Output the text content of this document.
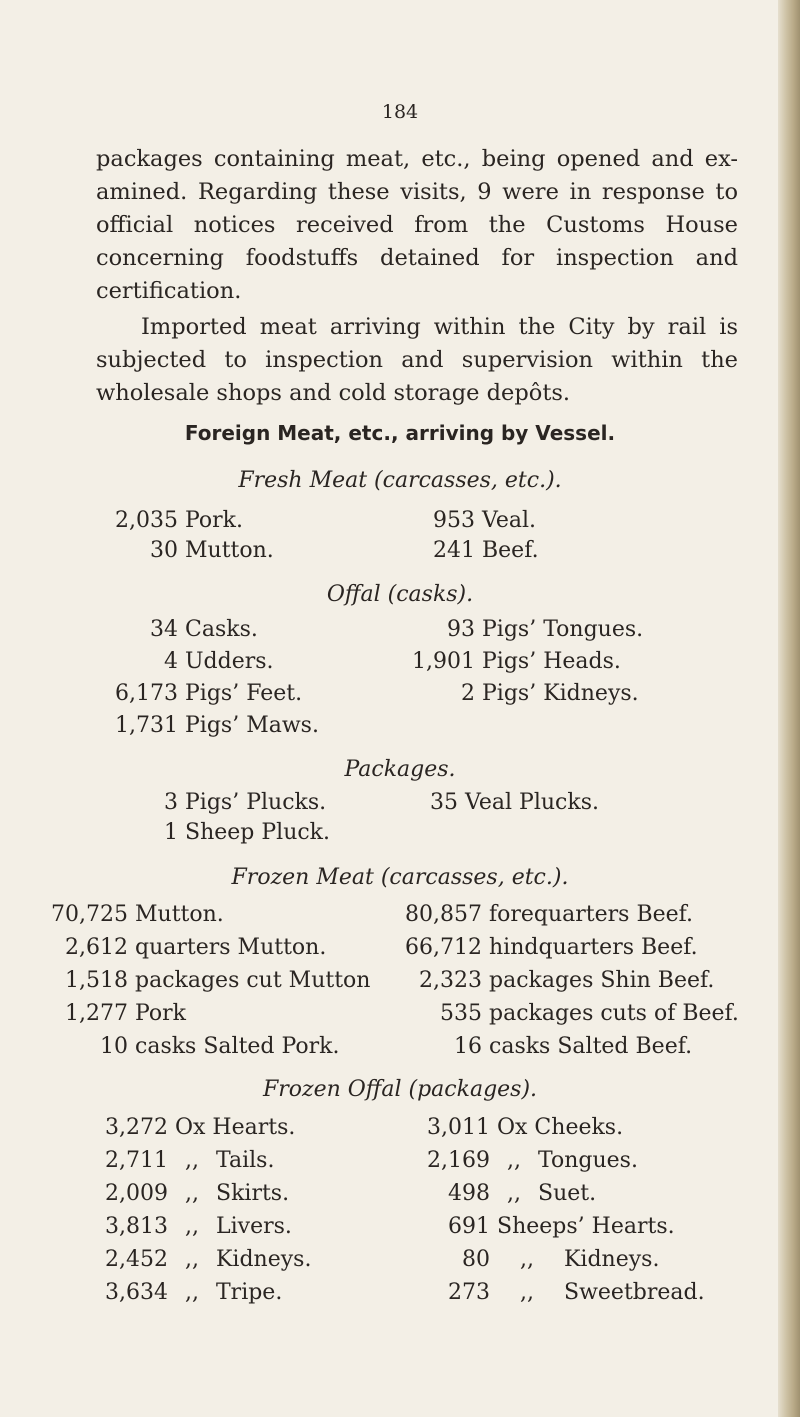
184

packages containing meat, etc., being opened and ex-amined. Regarding these visits, 9 were in response to official notices received from the Customs House concerning foodstuffs detained for inspection and certification.

Imported meat arriving within the City by rail is subjected to inspection and supervision within the wholesale shops and cold storage depôts.

Foreign Meat, etc., arriving by Vessel.
Fresh Meat (carcasses, etc.).
2,035 Pork.
30 Mutton.
953 Veal.
241 Beef.
Offal (casks).
34 Casks.
4 Udders.
6,173 Pigs’ Feet.
1,731 Pigs’ Maws.
93 Pigs’ Tongues.
1,901 Pigs’ Heads.
2 Pigs’ Kidneys.
Packages.
3 Pigs’ Plucks.
1 Sheep Pluck.
35 Veal Plucks.
Frozen Meat (carcasses, etc.).
70,725 Mutton.
2,612 quarters Mutton.
1,518 packages cut Mutton
1,277 Pork
10 casks Salted Pork.
80,857 forequarters Beef.
66,712 hindquarters Beef.
2,323 packages Shin Beef.
535 packages cuts of Beef.
16 casks Salted Beef.
Frozen Offal (packages).
3,272 Ox Hearts.
2,711 ,, Tails.
2,009 ,, Skirts.
3,813 ,, Livers.
2,452 ,, Kidneys.
3,634 ,, Tripe.
3,011 Ox Cheeks.
2,169 ,, Tongues.
498 ,, Suet.
691 Sheeps’ Hearts.
80 ,, Kidneys.
273 ,, Sweetbread.
